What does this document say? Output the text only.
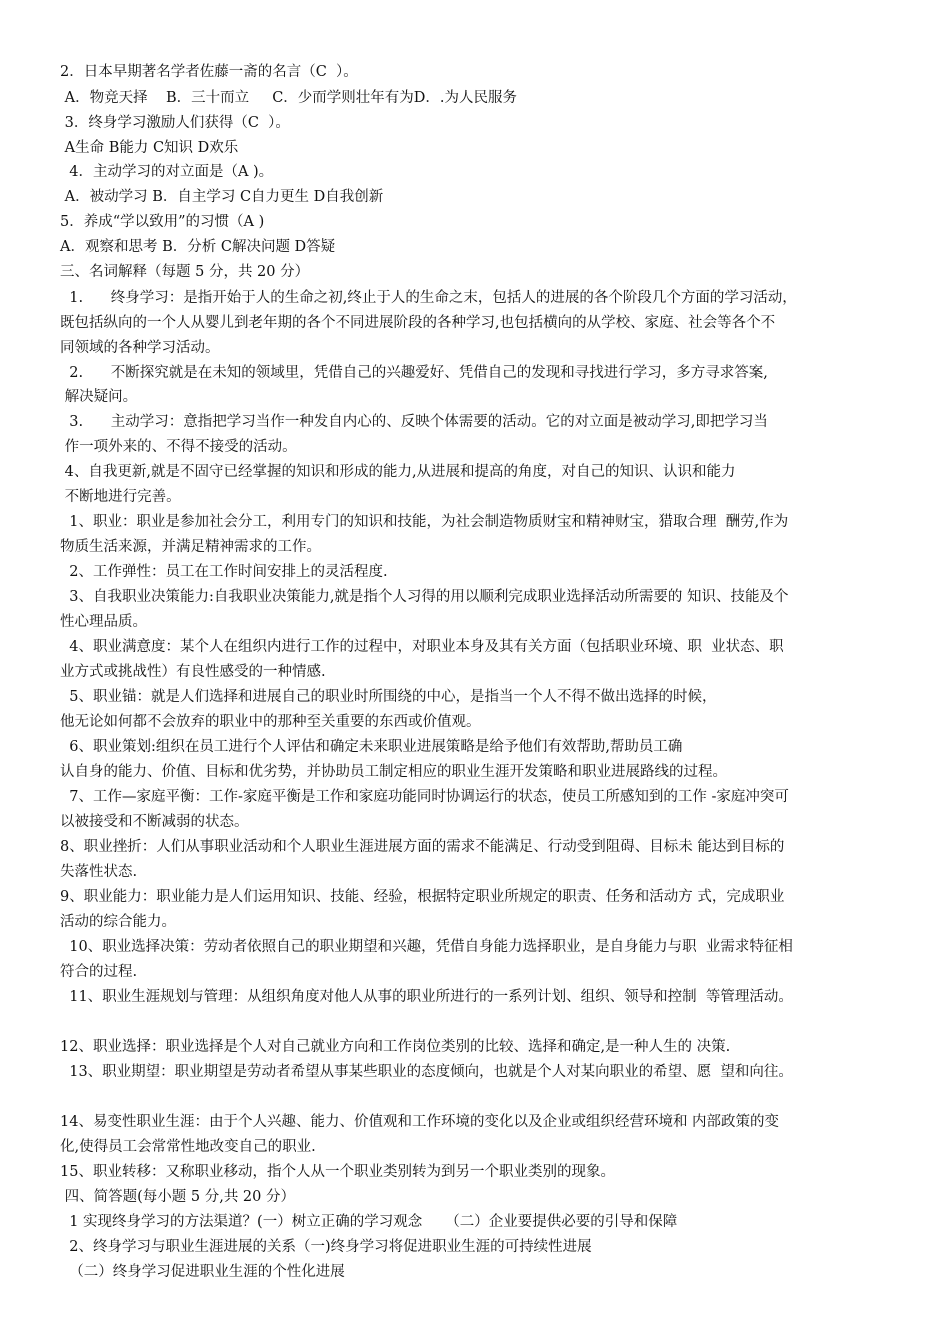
2．日本早期著名学者佐藤一斋的名言（C  ）。

A．物竞天择    B．三十而立     C．少而学则壮年有为D．.为人民服务

3．终身学习激励人们获得（C  ）。

A生命 B能力 C知识 D欢乐

4．主动学习的对立面是（A )。

A．被动学习 B．自主学习 C自力更生 D自我创新

5．养成“学以致用”的习惯（A )

A．观察和思考 B．分析 C解决问题 D答疑

三、名词解释（每题 5 分，共 20 分）

1.      终身学习：是指开始于人的生命之初,终止于人的生命之末，包括人的进展的各个阶段几个方面的学习活动，

既包括纵向的一个人从婴儿到老年期的各个不同进展阶段的各种学习,也包括横向的从学校、家庭、社会等各个不

同领域的各种学习活动。

2.      不断探究就是在未知的领域里，凭借自己的兴趣爱好、凭借自己的发现和寻找进行学习，多方寻求答案,

解决疑问。

3.      主动学习：意指把学习当作一种发自内心的、反映个体需要的活动。它的对立面是被动学习,即把学习当

作一项外来的、不得不接受的活动。

4、自我更新,就是不固守已经掌握的知识和形成的能力,从进展和提高的角度，对自己的知识、认识和能力

不断地进行完善。

1、职业：职业是参加社会分工，利用专门的知识和技能，为社会制造物质财宝和精神财宝，猎取合理  酬劳,作为

物质生活来源，并满足精神需求的工作。

2、工作弹性：员工在工作时间安排上的灵活程度.

3、自我职业决策能力:自我职业决策能力,就是指个人习得的用以顺利完成职业选择活动所需要的 知识、技能及个

性心理品质。

4、职业满意度：某个人在组织内进行工作的过程中，对职业本身及其有关方面（包括职业环境、职  业状态、职

业方式或挑战性）有良性感受的一种情感.

5、职业锚：就是人们选择和进展自己的职业时所围绕的中心，是指当一个人不得不做出选择的时候，

他无论如何都不会放弃的职业中的那种至关重要的东西或价值观。

6、职业策划:组织在员工进行个人评估和确定未来职业进展策略是给予他们有效帮助,帮助员工确

认自身的能力、价值、目标和优劣势，并协助员工制定相应的职业生涯开发策略和职业进展路线的过程。

7、工作—家庭平衡：工作-家庭平衡是工作和家庭功能同时协调运行的状态，使员工所感知到的工作 -家庭冲突可

以被接受和不断减弱的状态。

8、职业挫折：人们从事职业活动和个人职业生涯进展方面的需求不能满足、行动受到阻碍、目标未 能达到目标的

失落性状态.

9、职业能力：职业能力是人们运用知识、技能、经验，根据特定职业所规定的职责、任务和活动方 式，完成职业

活动的综合能力。

10、职业选择决策：劳动者依照自己的职业期望和兴趣，凭借自身能力选择职业，是自身能力与职  业需求特征相

符合的过程.

11、职业生涯规划与管理：从组织角度对他人从事的职业所进行的一系列计划、组织、领导和控制  等管理活动。

12、职业选择：职业选择是个人对自己就业方向和工作岗位类别的比较、选择和确定,是一种人生的 决策.

13、职业期望：职业期望是劳动者希望从事某些职业的态度倾向，也就是个人对某向职业的希望、愿  望和向往。

14、易变性职业生涯：由于个人兴趣、能力、价值观和工作环境的变化以及企业或组织经营环境和 内部政策的变

化,使得员工会常常性地改变自己的职业.

15、职业转移：又称职业移动，指个人从一个职业类别转为到另一个职业类别的现象。

四、简答题(每小题 5 分,共 20 分）

1 实现终身学习的方法渠道？(一）树立正确的学习观念     （二）企业要提供必要的引导和保障

2、终身学习与职业生涯进展的关系（一)终身学习将促进职业生涯的可持续性进展

（二）终身学习促进职业生涯的个性化进展
